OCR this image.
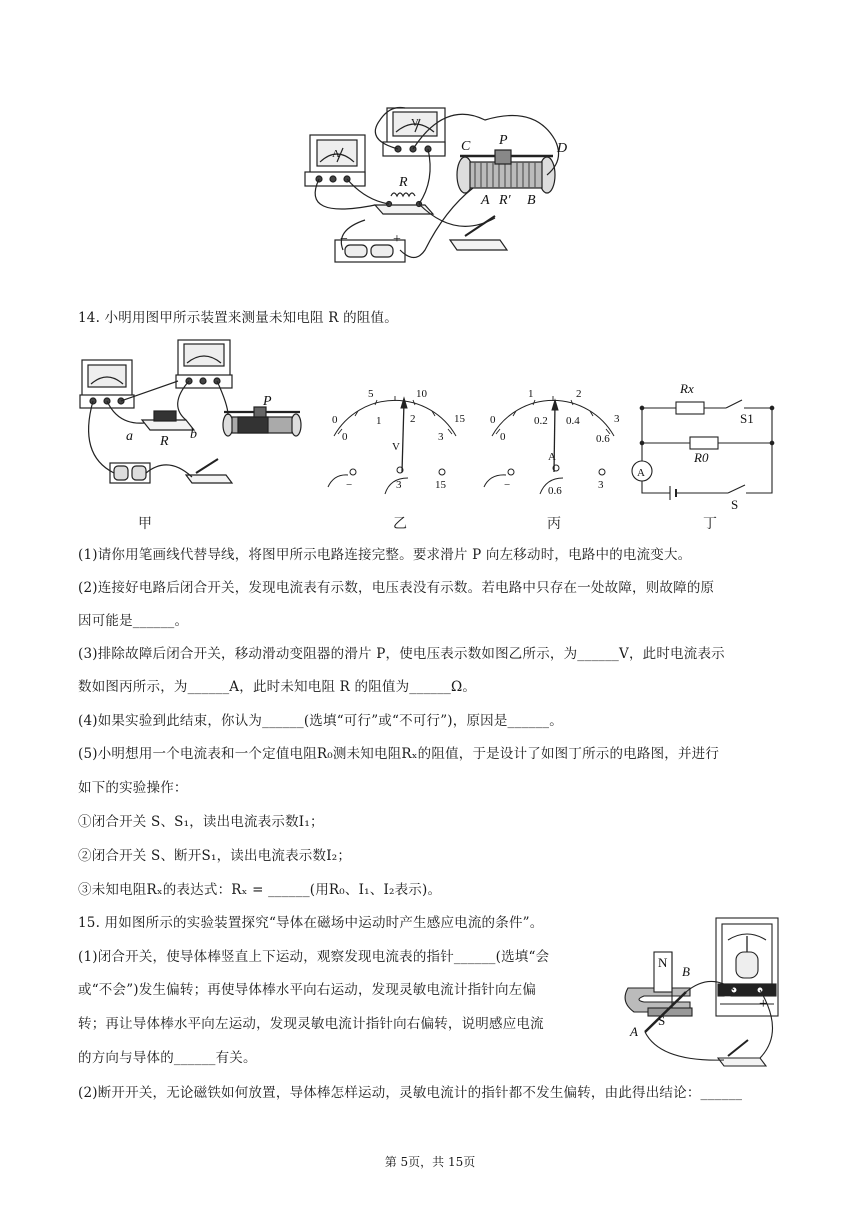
A
V
R
P
C	D
A R′ B
−	+
14. 小明用图甲所示装置来测量未知电阻 R 的阻值。
a R b
P
0
5	10
15
0
1	2
3
V
−	3	15
0
1	2
3
0
0.2 0.4
0.6
A
−	0.6	3
Rx
R0
S1
S
A
甲	乙	丙	丁
(1)请你用笔画线代替导线，将图甲所示电路连接完整。要求滑片 P 向左移动时，电路中的电流变大。
(2)连接好电路后闭合开关，发现电流表有示数，电压表没有示数。若电路中只存在一处故障，则故障的原
因可能是______。
(3)排除故障后闭合开关，移动滑动变阻器的滑片 P，使电压表示数如图乙所示，为______V，此时电流表示
数如图丙所示，为______A，此时未知电阻 R 的阻值为______Ω。
(4)如果实验到此结束，你认为______(选填“可行”或“不可行”)，原因是______。
(5)小明想用一个电流表和一个定值电阻R₀测未知电阻Rₓ的阻值，于是设计了如图丁所示的电路图，并进行
如下的实验操作：
①闭合开关 S、S₁，读出电流表示数I₁；
②闭合开关 S、断开S₁，读出电流表示数I₂；
③未知电阻Rₓ的表达式：Rₓ = ______(用R₀、I₁、I₂表示)。
15. 用如图所示的实验装置探究“导体在磁场中运动时产生感应电流的条件”。
(1)闭合开关，使导体棒竖直上下运动，观察发现电流表的指针______(选填“会
或“不会”)发生偏转；再使导体棒水平向右运动，发现灵敏电流计指针向左偏
转；再让导体棒水平向左运动，发现灵敏电流计指针向右偏转，说明感应电流
的方向与导体的______有关。
(2)断开开关，无论磁铁如何放置，导体棒怎样运动，灵敏电流计的指针都不发生偏转，由此得出结论：______
N
S
A
B
− +
第 5页，共 15页
